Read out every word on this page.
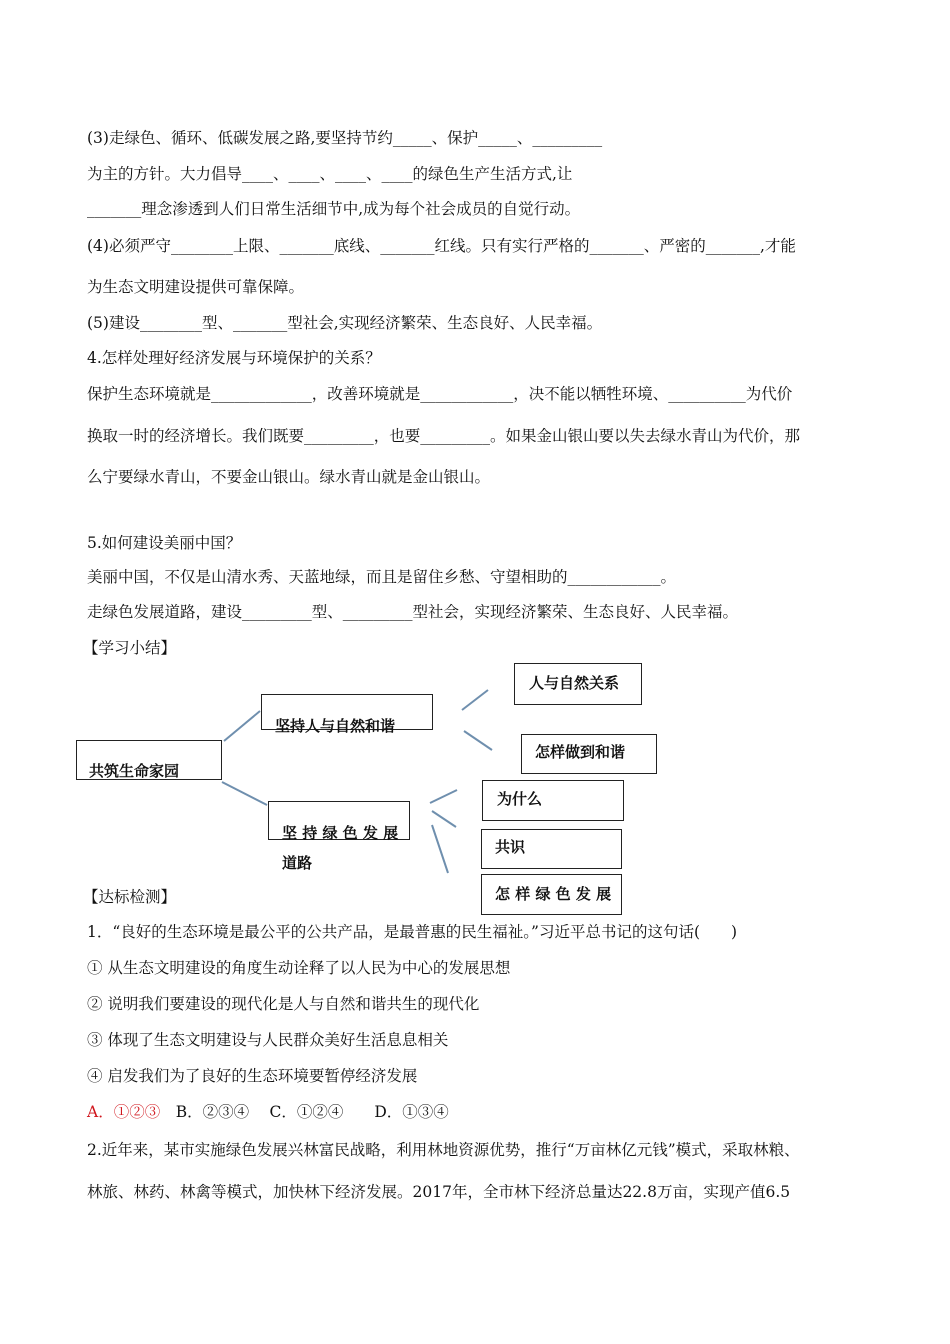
(3)走绿色、循环、低碳发展之路,要坚持节约_____、保护_____、_________
为主的方针。大力倡导____、____、____、____的绿色生产生活方式,让
_______理念渗透到人们日常生活细节中,成为每个社会成员的自觉行动。
(4)必须严守________上限、_______底线、_______红线。只有实行严格的_______、严密的_______,才能
为生态文明建设提供可靠保障。
(5)建设________型、_______型社会,实现经济繁荣、生态良好、人民幸福。
4.怎样处理好经济发展与环境保护的关系？
保护生态环境就是_____________，改善环境就是____________，决不能以牺牲环境、__________为代价
换取一时的经济增长。我们既要_________，也要_________。如果金山银山要以失去绿水青山为代价，那
么宁要绿水青山，不要金山银山。绿水青山就是金山银山。
5.如何建设美丽中国？
美丽中国，不仅是山清水秀、天蓝地绿，而且是留住乡愁、守望相助的____________。
走绿色发展道路，建设_________型、_________型社会，实现经济繁荣、生态良好、人民幸福。
【学习小结】
共筑生命家园
坚持人与自然和谐
人与自然关系
怎样做到和谐
坚 持 绿 色 发 展
道路
为什么
共识
怎 样 绿 色 发 展
【达标检测】
1．“良好的生态环境是最公平的公共产品，是最普惠的民生福祉。”习近平总书记的这句话(　　)
① 从生态文明建设的角度生动诠释了以人民为中心的发展思想
② 说明我们要建设的现代化是人与自然和谐共生的现代化
③ 体现了生态文明建设与人民群众美好生活息息相关
④ 启发我们为了良好的生态环境要暂停经济发展
A．①②③　B．②③④　 C．①②④　　D．①③④
2.近年来，某市实施绿色发展兴林富民战略，利用林地资源优势，推行“万亩林亿元钱”模式，采取林粮、
林旅、林药、林禽等模式，加快林下经济发展。2017年，全市林下经济总量达22.8万亩，实现产值6.5
